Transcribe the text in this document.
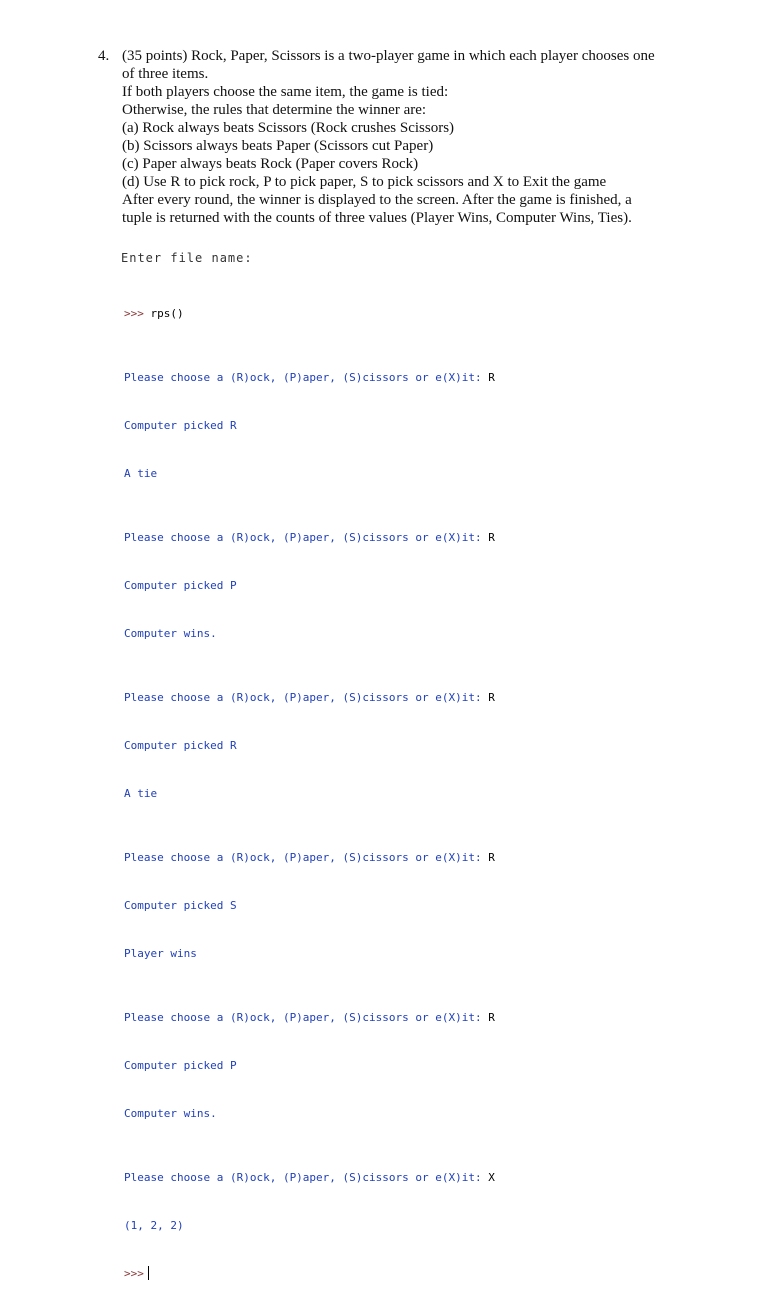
4. (35 points) Rock, Paper, Scissors is a two-player game in which each player chooses one

of three items.

If both players choose the same item, the game is tied:

Otherwise, the rules that determine the winner are:

(a) Rock always beats Scissors (Rock crushes Scissors)

(b) Scissors always beats Paper (Scissors cut Paper)

(c) Paper always beats Rock (Paper covers Rock)

(d) Use R to pick rock, P to pick paper, S to pick scissors and X to Exit the game

After every round, the winner is displayed to the screen. After the game is finished, a

tuple is returned with the counts of three values (Player Wins, Computer Wins, Ties).

Enter file name:

>>> rps()

Please choose a (R)ock, (P)aper, (S)cissors or e(X)it: R

Computer picked R

A tie

Please choose a (R)ock, (P)aper, (S)cissors or e(X)it: R

Computer picked P

Computer wins.

Please choose a (R)ock, (P)aper, (S)cissors or e(X)it: R

Computer picked R

A tie

Please choose a (R)ock, (P)aper, (S)cissors or e(X)it: R

Computer picked S

Player wins

Please choose a (R)ock, (P)aper, (S)cissors or e(X)it: R

Computer picked P

Computer wins.

Please choose a (R)ock, (P)aper, (S)cissors or e(X)it: X

(1, 2, 2)

>>>
